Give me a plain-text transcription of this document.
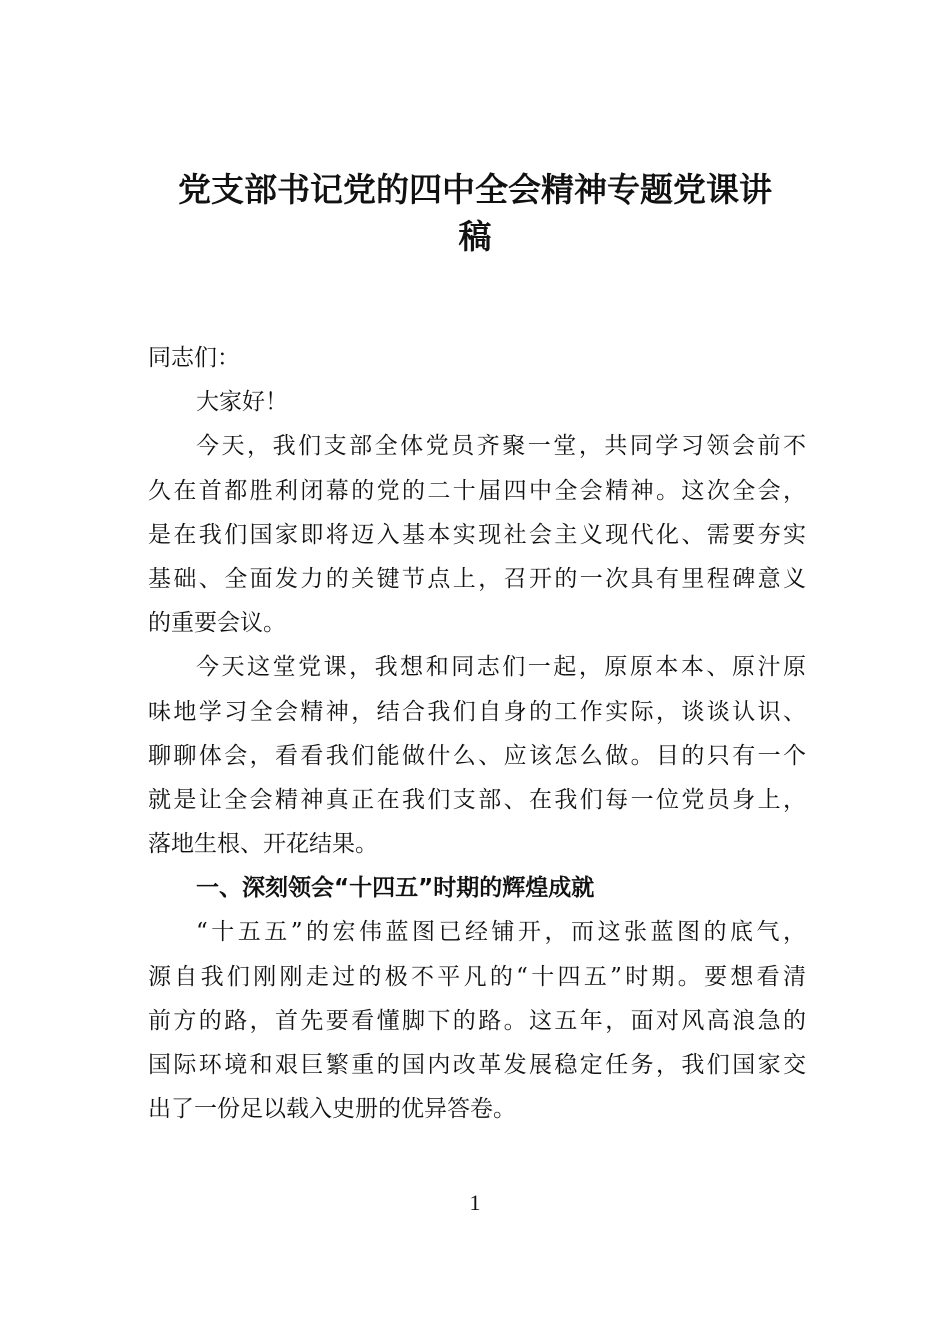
党支部书记党的四中全会精神专题党课讲
稿
同志们：
大家好！
今天，我们支部全体党员齐聚一堂，共同学习领会前不
久在首都胜利闭幕的党的二十届四中全会精神。这次全会，
是在我们国家即将迈入基本实现社会主义现代化、需要夯实
基础、全面发力的关键节点上，召开的一次具有里程碑意义
的重要会议。
今天这堂党课，我想和同志们一起，原原本本、原汁原
味地学习全会精神，结合我们自身的工作实际，谈谈认识、
聊聊体会，看看我们能做什么、应该怎么做。目的只有一个
就是让全会精神真正在我们支部、在我们每一位党员身上，
落地生根、开花结果。
一、深刻领会“十四五”时期的辉煌成就
“十五五”的宏伟蓝图已经铺开，而这张蓝图的底气，
源自我们刚刚走过的极不平凡的“十四五”时期。要想看清
前方的路，首先要看懂脚下的路。这五年，面对风高浪急的
国际环境和艰巨繁重的国内改革发展稳定任务，我们国家交
出了一份足以载入史册的优异答卷。
1
